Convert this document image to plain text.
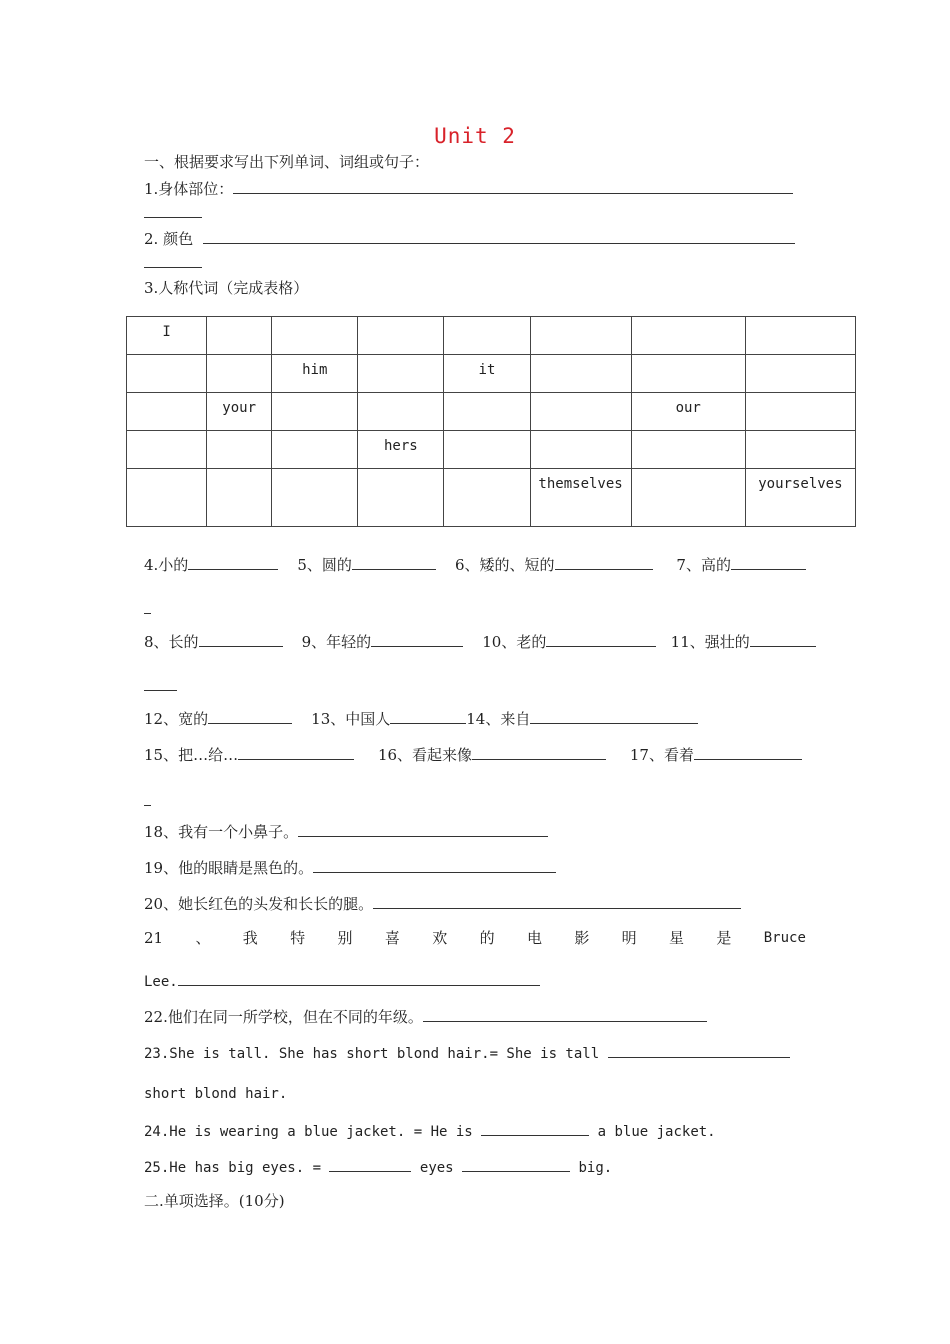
Unit 2
一、根据要求写出下列单词、词组或句子：
1.身体部位：
2. 颜色
3.人称代词（完成表格）
I							
		him		it			
	your					our	
			hers				
					themselves		yourselves
4.小的	5、圆的	6、矮的、短的	7、高的
8、长的	9、年轻的	10、老的	11、强壮的
12、宽的	13、中国人	14、来自
15、把…给…	16、看起来像	17、看着
18、我有一个小鼻子。
19、他的眼睛是黑色的。
20、她长红色的头发和长长的腿。
21 、 我 特 别 喜 欢 的 电 影 明 星 是 Bruce
Lee.
22.他们在同一所学校，但在不同的年级。
23.She is tall. She has short blond hair.= She is tall
short blond hair.
24.He is wearing a blue jacket. = He is	a blue jacket.
25.He has big eyes. =	eyes	big.
二.单项选择。(10分)
